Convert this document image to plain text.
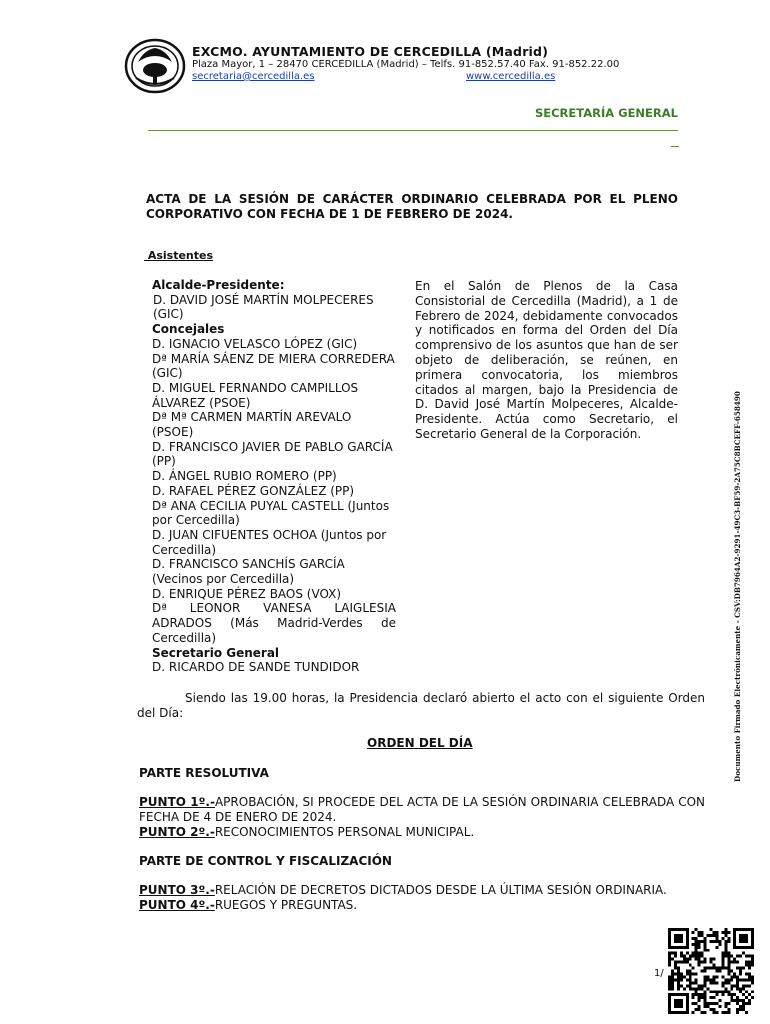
EXCMO. AYUNTAMIENTO DE CERCEDILLA (Madrid)
Plaza Mayor, 1 – 28470 CERCEDILLA (Madrid) – Telfs. 91-852.57.40 Fax. 91-852.22.00
secretaria@cercedilla.es	www.cercedilla.es
SECRETARÍA GENERAL
ACTA DE LA SESIÓN DE CARÁCTER ORDINARIO CELEBRADA POR EL PLENO CORPORATIVO CON FECHA DE 1 DE FEBRERO DE 2024.
Asistentes
Alcalde-Presidente:
D. DAVID JOSÉ MARTÍN MOLPECERES (GIC)
Concejales
D. IGNACIO VELASCO LÓPEZ (GIC)
Dª MARÍA SÁENZ DE MIERA CORREDERA (GIC)
D. MIGUEL FERNANDO CAMPILLOS ÁLVAREZ (PSOE)
Dª Mª CARMEN MARTÍN AREVALO (PSOE)
D. FRANCISCO JAVIER DE PABLO GARCÍA (PP)
D. ÁNGEL RUBIO ROMERO (PP)
D. RAFAEL PÉREZ GONZÁLEZ (PP)
Dª ANA CECILIA PUYAL CASTELL (Juntos por Cercedilla)
D. JUAN CIFUENTES OCHOA (Juntos por Cercedilla)
D. FRANCISCO SANCHÍS GARCÍA (Vecinos por Cercedilla)
D. ENRIQUE PÉREZ BAOS (VOX)
Dª LEONOR VANESA LAIGLESIA ADRADOS (Más Madrid-Verdes de Cercedilla)
Secretario General
D. RICARDO DE SANDE TUNDIDOR
En el Salón de Plenos de la Casa Consistorial de Cercedilla (Madrid), a 1 de Febrero de 2024, debidamente convocados y notificados en forma del Orden del Día comprensivo de los asuntos que han de ser objeto de deliberación, se reúnen, en primera convocatoria, los miembros citados al margen, bajo la Presidencia de D. David José Martín Molpeceres, Alcalde-Presidente. Actúa como Secretario, el Secretario General de la Corporación.
Siendo las 19.00 horas, la Presidencia declaró abierto el acto con el siguiente Orden del Día:
ORDEN DEL DÍA
PARTE RESOLUTIVA
PUNTO 1º.-APROBACIÓN, SI PROCEDE DEL ACTA DE LA SESIÓN ORDINARIA CELEBRADA CON FECHA DE 4 DE ENERO DE 2024.
PUNTO 2º.-RECONOCIMIENTOS PERSONAL MUNICIPAL.
PARTE DE CONTROL Y FISCALIZACIÓN
PUNTO 3º.-RELACIÓN DE DECRETOS DICTADOS DESDE LA ÚLTIMA SESIÓN ORDINARIA.
PUNTO 4º.-RUEGOS Y PREGUNTAS.
Documento Firmado Electrónicamente - CSV:DB7964A2-9291-49C3-BF59-2A75C8BCEFF-658490
1/
